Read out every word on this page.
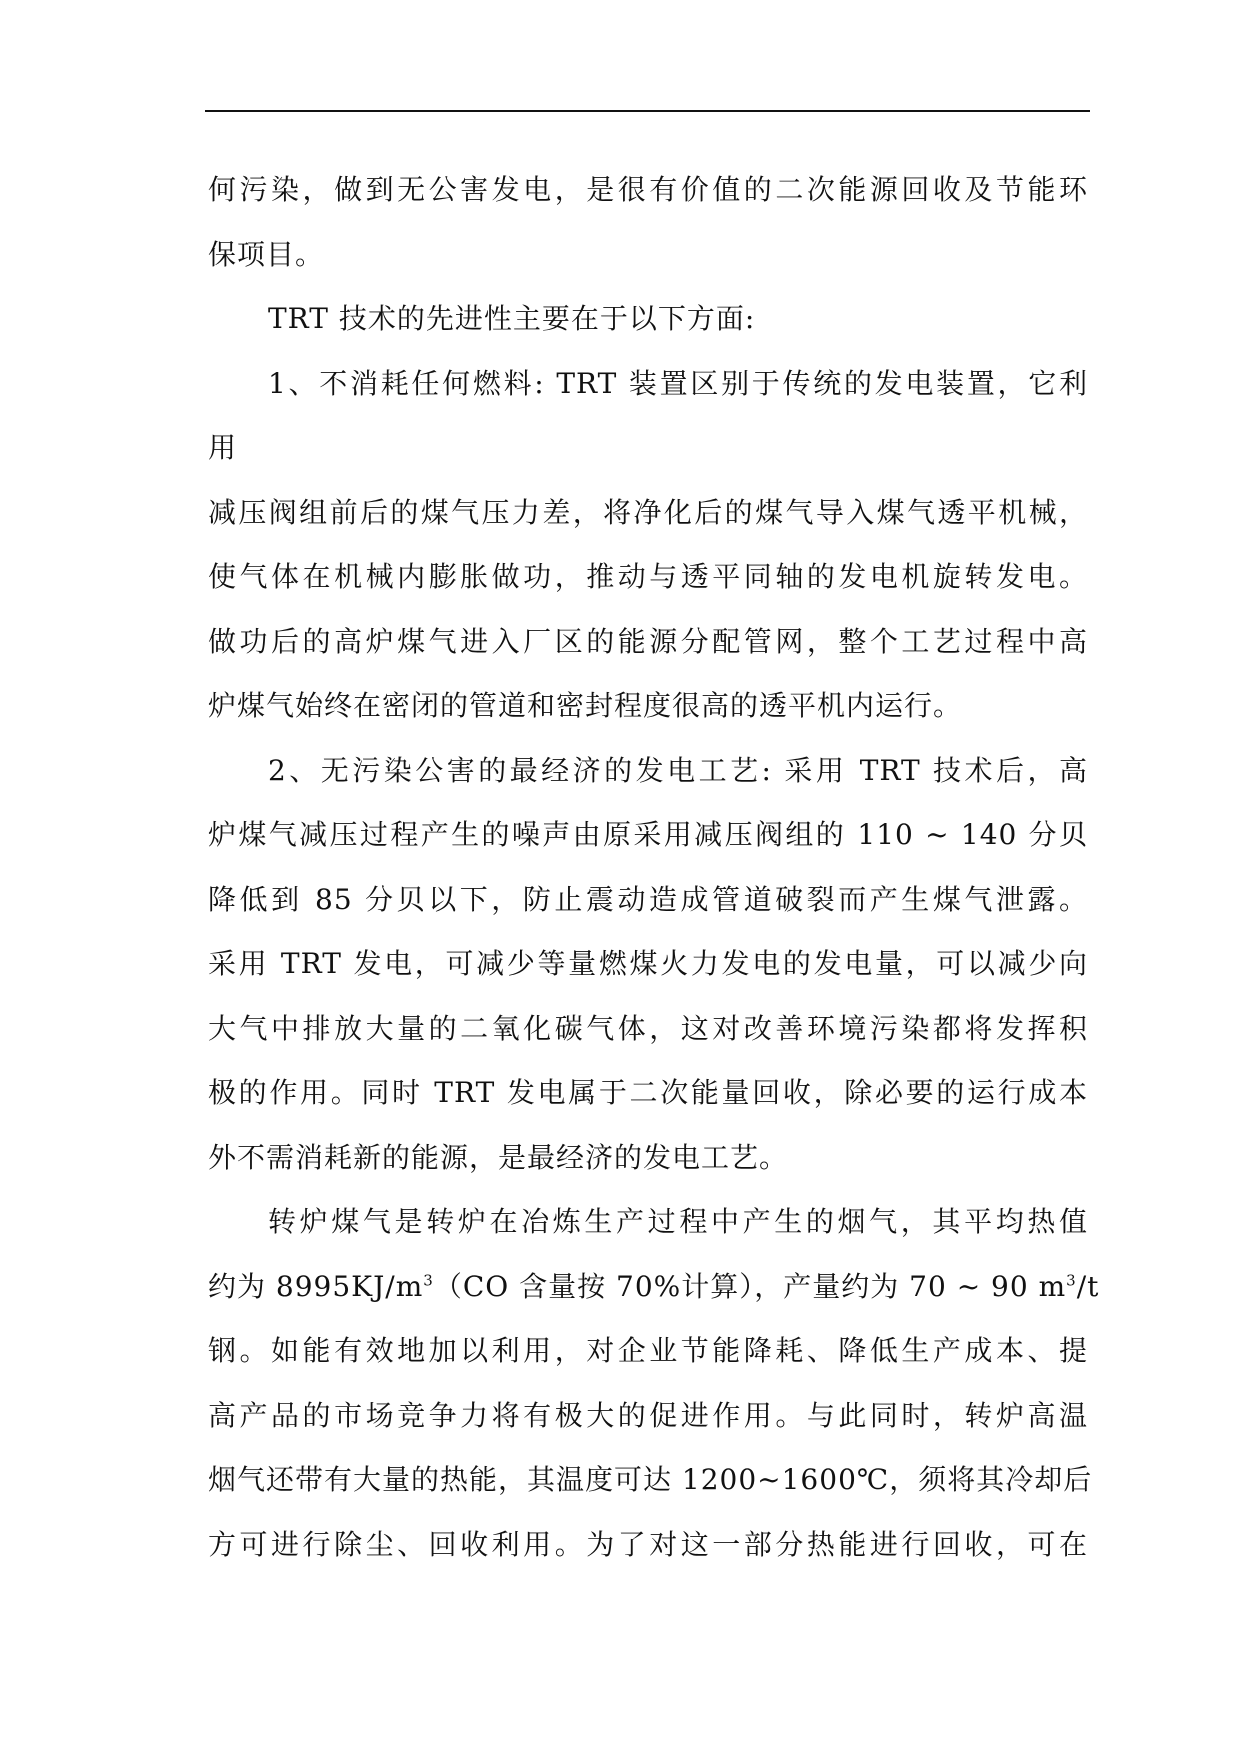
何污染，做到无公害发电，是很有价值的二次能源回收及节能环
保项目。
TRT 技术的先进性主要在于以下方面:
1、不消耗任何燃料: TRT 装置区别于传统的发电装置，它利
用
减压阀组前后的煤气压力差，将净化后的煤气导入煤气透平机械，
使气体在机械内膨胀做功，推动与透平同轴的发电机旋转发电。
做功后的高炉煤气进入厂区的能源分配管网，整个工艺过程中高
炉煤气始终在密闭的管道和密封程度很高的透平机内运行。
2、无污染公害的最经济的发电工艺: 采用 TRT 技术后，高
炉煤气减压过程产生的噪声由原采用减压阀组的 110 ~ 140 分贝
降低到 85 分贝以下，防止震动造成管道破裂而产生煤气泄露。
采用 TRT 发电，可减少等量燃煤火力发电的发电量，可以减少向
大气中排放大量的二氧化碳气体，这对改善环境污染都将发挥积
极的作用。同时 TRT 发电属于二次能量回收，除必要的运行成本
外不需消耗新的能源，是最经济的发电工艺。
转炉煤气是转炉在冶炼生产过程中产生的烟气，其平均热值
约为 $8995KJ/m^3(CO$ 含量按 70%计算），产量约为 70 ~ 90 $m^3/t$
钢。如能有效地加以利用，对企业节能降耗、降低生产成本、提
高产品的市场竞争力将有极大的促进作用。与此同时，转炉高温
烟气还带有大量的热能，其温度可达 1200~1600℃，须将其冷却后
方可进行除尘、回收利用。为了对这一部分热能进行回收，可在
